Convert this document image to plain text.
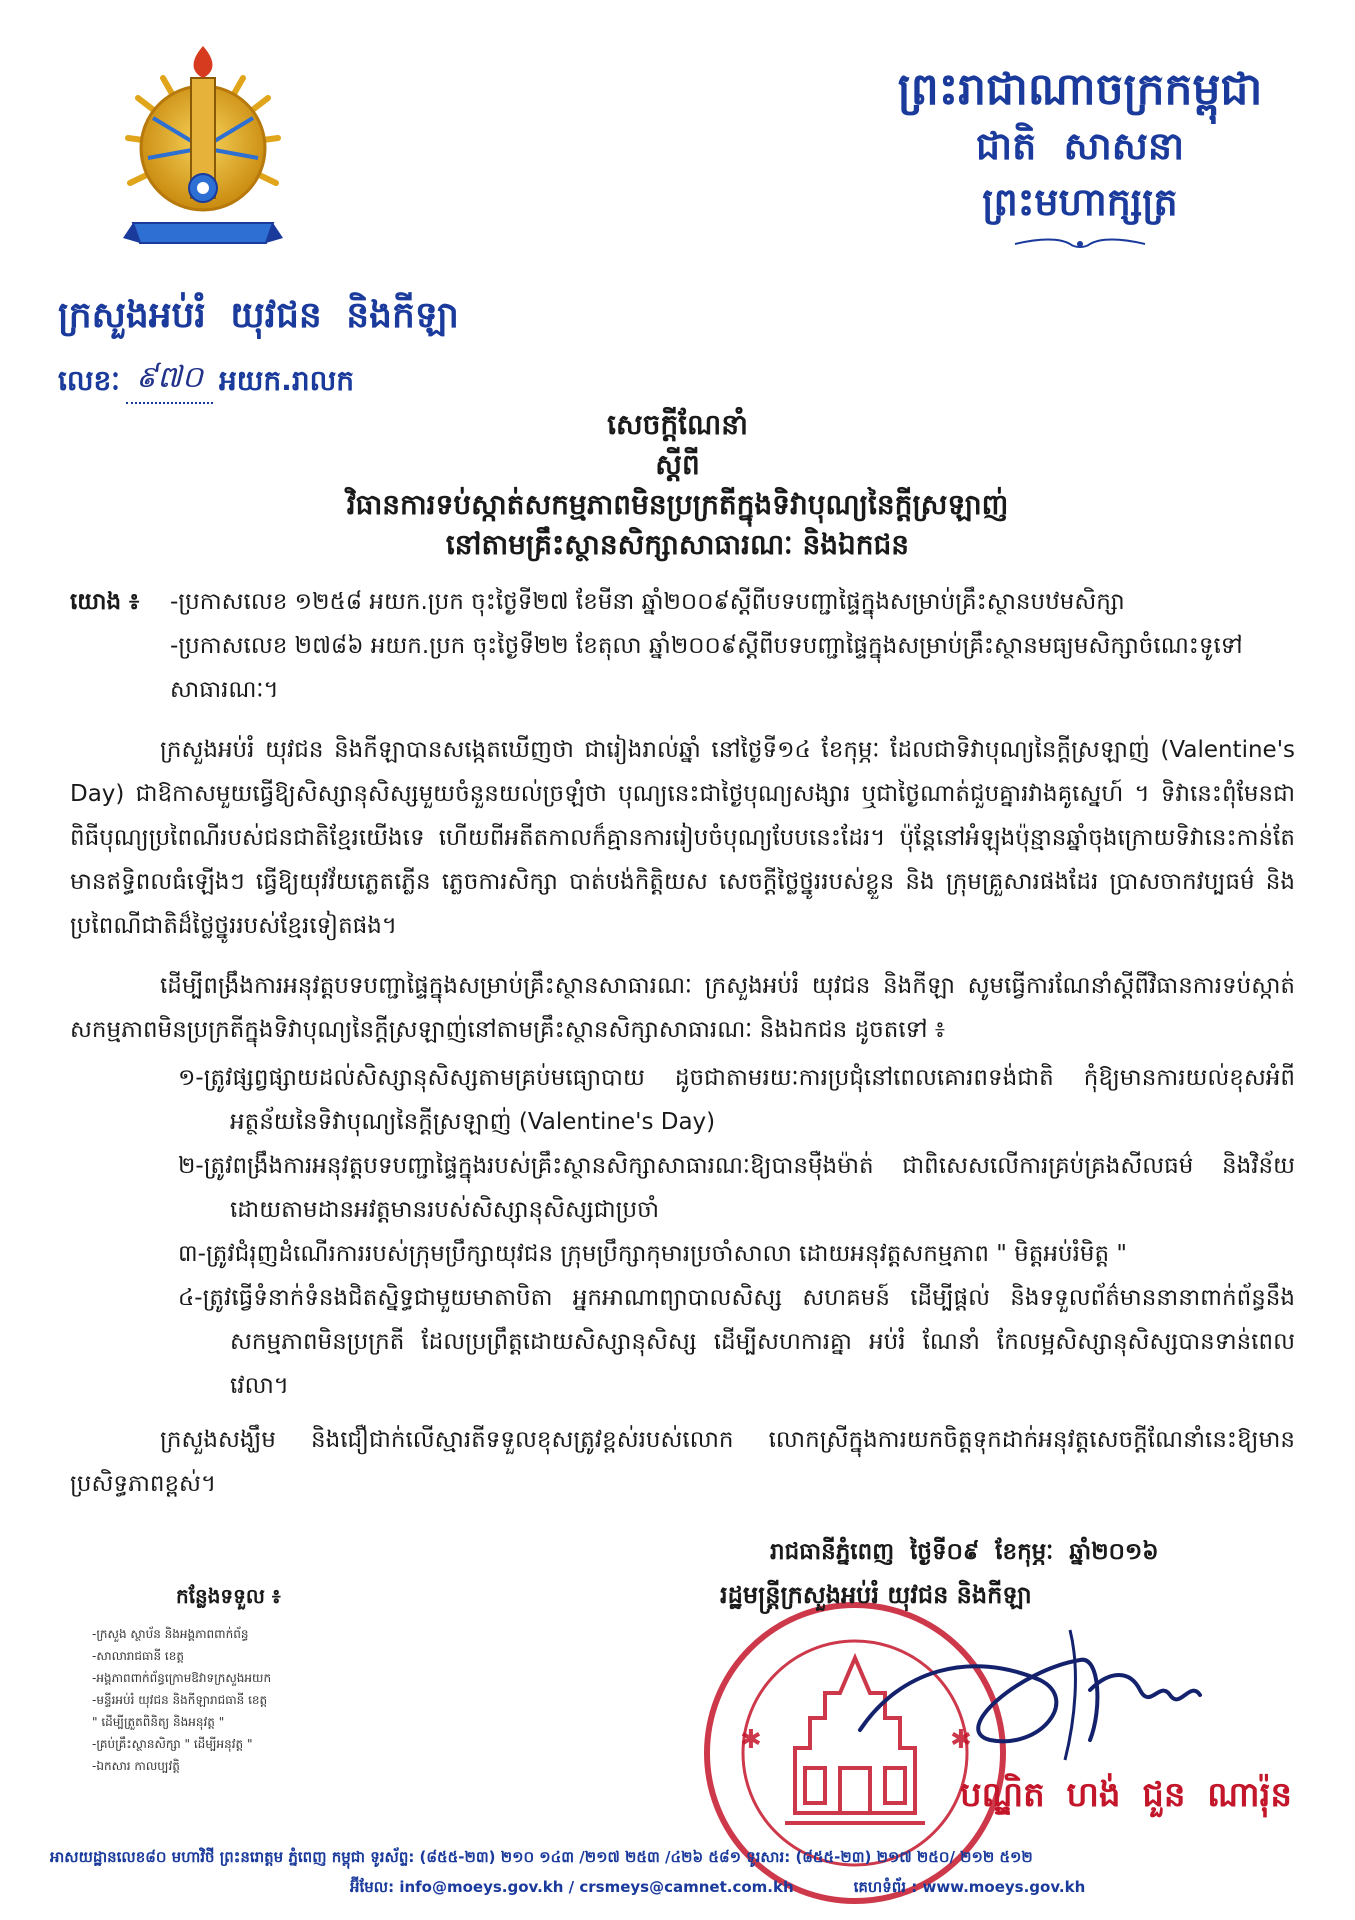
ព្រះរាជាណាចក្រកម្ពុជា
ជាតិ សាសនា ព្រះមហាក្សត្រ
ក្រសួងអប់រំ យុវជន និងកីឡា
លេខៈ ៩៧០ អយក.រាលក
សេចក្ដីណែនាំ
ស្ដីពី
វិធានការទប់ស្កាត់សកម្មភាពមិនប្រក្រតីក្នុងទិវាបុណ្យនៃក្ដីស្រឡាញ់
នៅតាមគ្រឹះស្ថានសិក្សាសាធារណៈ និងឯកជន
យោង ៖	-ប្រកាសលេខ ១២៥៨ អយក.ប្រក ចុះថ្ងៃទី២៧ ខែមីនា ឆ្នាំ២០០៩ស្ដីពីបទបញ្ជាផ្ទៃក្នុងសម្រាប់គ្រឹះស្ថានបឋមសិក្សា
-ប្រកាសលេខ ២៧៨៦ អយក.ប្រក ចុះថ្ងៃទី២២ ខែតុលា ឆ្នាំ២០០៩ស្ដីពីបទបញ្ជាផ្ទៃក្នុងសម្រាប់គ្រឹះស្ថានមធ្យមសិក្សាចំណេះទូទៅសាធារណៈ។

ក្រសួងអប់រំ យុវជន និងកីឡាបានសង្កេតឃើញថា ជារៀងរាល់ឆ្នាំ នៅថ្ងៃទី១៤ ខែកុម្ភៈ ដែលជាទិវាបុណ្យនៃក្ដីស្រឡាញ់ (Valentine's Day) ជាឱកាសមួយធ្វើឱ្យសិស្សានុសិស្សមួយចំនួនយល់ច្រឡំថា បុណ្យនេះជាថ្ងៃបុណ្យសង្សារ ឬជាថ្ងៃណាត់ជួបគ្នារវាងគូស្នេហ៍ ។ ទិវានេះពុំមែនជាពិធីបុណ្យប្រពៃណីរបស់ជនជាតិខ្មែរយើងទេ ហើយពីអតីតកាលក៏គ្មានការរៀបចំបុណ្យបែបនេះដែរ។ ប៉ុន្តែនៅអំឡុងប៉ុន្មានឆ្នាំចុងក្រោយទិវានេះកាន់តែមានឥទ្ធិពលធំឡើងៗ ធ្វើឱ្យយុវវ័យភ្លេតភ្លើន ភ្លេចការសិក្សា បាត់បង់កិត្តិយស សេចក្ដីថ្លៃថ្នូររបស់ខ្លួន និង ក្រុមគ្រួសារផងដែរ ប្រាសចាកវប្បធម៌ និងប្រពៃណីជាតិដ៏ថ្លៃថ្នូររបស់ខ្មែរទៀតផង។

ដើម្បីពង្រឹងការអនុវត្តបទបញ្ជាផ្ទៃក្នុងសម្រាប់គ្រឹះស្ថានសាធារណៈ ក្រសួងអប់រំ យុវជន និងកីឡា សូមធ្វើការណែនាំស្ដីពីវិធានការទប់ស្កាត់សកម្មភាពមិនប្រក្រតីក្នុងទិវាបុណ្យនៃក្ដីស្រឡាញ់នៅតាមគ្រឹះស្ថានសិក្សាសាធារណៈ និងឯកជន ដូចតទៅ ៖

១-ត្រូវផ្សព្វផ្សាយដល់សិស្សានុសិស្សតាមគ្រប់មធ្យោបាយ ដូចជាតាមរយៈការប្រជុំនៅពេលគោរពទង់ជាតិ កុំឱ្យមានការយល់ខុសអំពីអត្ថន័យនៃទិវាបុណ្យនៃក្ដីស្រឡាញ់ (Valentine's Day)
២-ត្រូវពង្រឹងការអនុវត្តបទបញ្ជាផ្ទៃក្នុងរបស់គ្រឹះស្ថានសិក្សាសាធារណៈឱ្យបានម៉ឺងម៉ាត់ ជាពិសេសលើការគ្រប់គ្រងសីលធម៌ និងវិន័យ ដោយតាមដានអវត្តមានរបស់សិស្សានុសិស្សជាប្រចាំ
៣-ត្រូវជំរុញដំណើរការរបស់ក្រុមប្រឹក្សាយុវជន ក្រុមប្រឹក្សាកុមារប្រចាំសាលា ដោយអនុវត្តសកម្មភាព " មិត្តអប់រំមិត្ត "
៤-ត្រូវធ្វើទំនាក់ទំនងជិតស្និទ្ធជាមួយមាតាបិតា អ្នកអាណាព្យាបាលសិស្ស សហគមន៍ ដើម្បីផ្ដល់ និងទទួលព័ត៌មាននានាពាក់ព័ន្ធនឹងសកម្មភាពមិនប្រក្រតី ដែលប្រព្រឹត្តដោយសិស្សានុសិស្ស ដើម្បីសហការគ្នា អប់រំ ណែនាំ កែលម្អសិស្សានុសិស្សបានទាន់ពេលវេលា។

ក្រសួងសង្ឃឹម និងជឿជាក់លើស្មារតីទទួលខុសត្រូវខ្ពស់របស់លោក លោកស្រីក្នុងការយកចិត្តទុកដាក់អនុវត្តសេចក្ដីណែនាំនេះឱ្យមានប្រសិទ្ធភាពខ្ពស់។

កន្លែងទទួល ៖
-ក្រសួង ស្ថាប័ន និងអង្គភាពពាក់ព័ន្ធ
-សាលារាជធានី ខេត្ត
-អង្គភាពពាក់ព័ន្ធក្រោមឱវាទក្រសួងអយក
-មន្ទីរអប់រំ យុវជន និងកីឡារាជធានី ខេត្ត
" ដើម្បីត្រួតពិនិត្យ និងអនុវត្ត "
-គ្រប់គ្រឹះស្ថានសិក្សា " ដើម្បីអនុវត្ត "
-ឯកសារ កាលប្បវត្តិ
✱	✱
រាជធានីភ្នំពេញ ថ្ងៃទី០៩ ខែកុម្ភៈ ឆ្នាំ២០១៦
រដ្ឋមន្ត្រីក្រសួងអប់រំ យុវជន និងកីឡា
បណ្ឌិត ហង់ ជួន ណារ៉ុន
អាសយដ្ឋានលេខ៨០ មហាវិថី ព្រះនរោត្តម ភ្នំពេញ កម្ពុជា ទូរស័ព្ទ: (៨៥៥-២៣) ២១០ ១៤៣ /២១៧ ២៥៣ /៤២៦ ៥៨១ ទូរសារ: (៨៥៥-២៣) ២១៧ ២៥០/ ២១២ ៥១២
អ៊ីមែល: info@moeys.gov.kh / crsmeys@camnet.com.kh	គេហទំព័រ : www.moeys.gov.kh
